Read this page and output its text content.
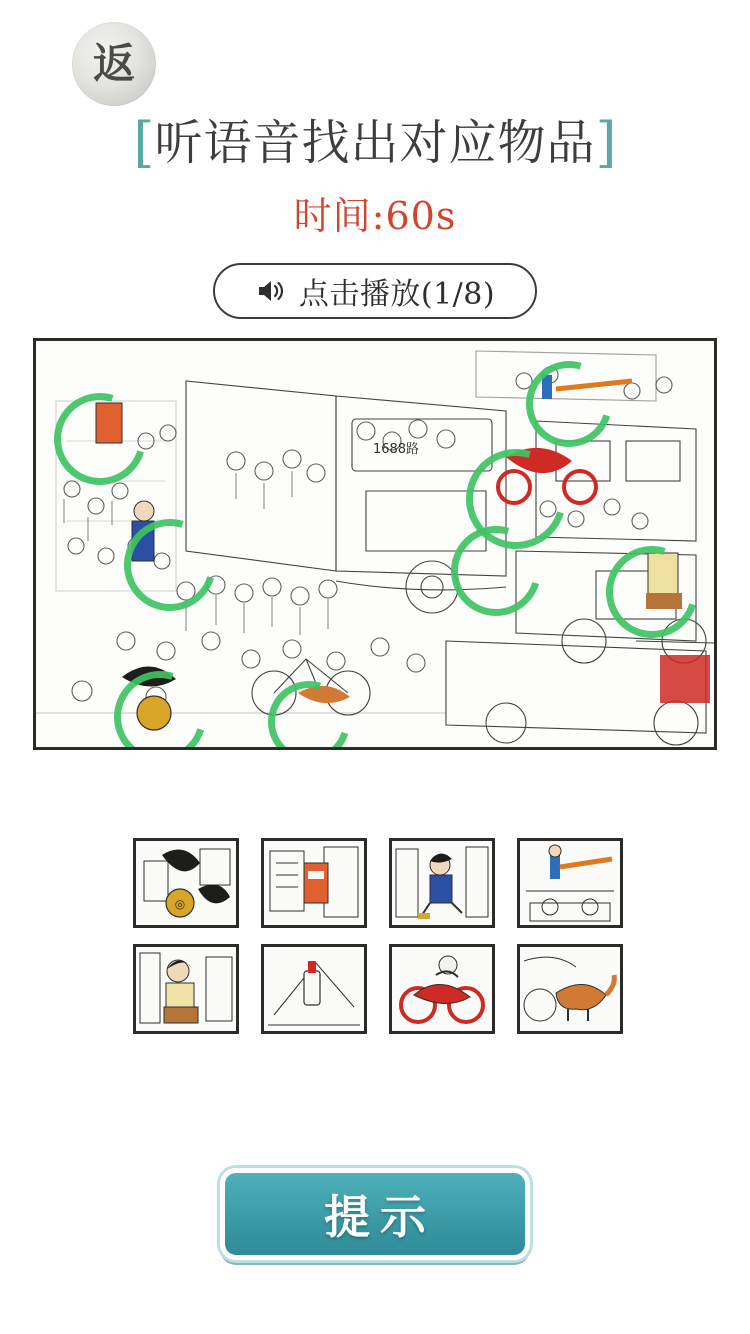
返
[听语音找出对应物品]
时间:60s
点击播放(1/8)
1688路
◎
提示
